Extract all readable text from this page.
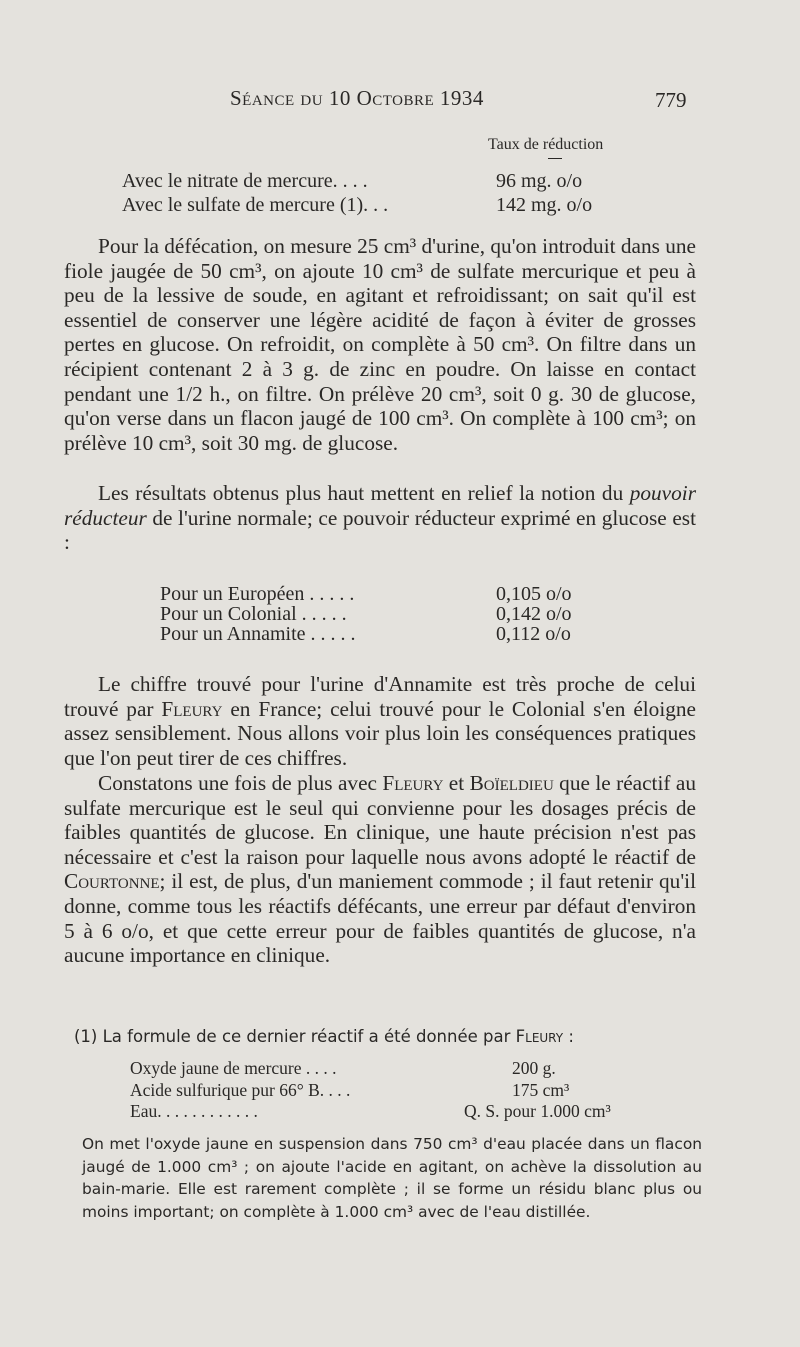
Séance du 10 Octobre 1934	779
Taux de réduction
Avec le nitrate de mercure. . . .	96 mg. o/o
Avec le sulfate de mercure (1). . .	142 mg. o/o

Pour la défécation, on mesure 25 cm³ d'urine, qu'on introduit dans une fiole jaugée de 50 cm³, on ajoute 10 cm³ de sulfate mercurique et peu à peu de la lessive de soude, en agitant et refroidissant; on sait qu'il est essentiel de conserver une légère acidité de façon à éviter de grosses pertes en glucose. On refroidit, on complète à 50 cm³. On filtre dans un récipient contenant 2 à 3 g. de zinc en poudre. On laisse en contact pendant une 1/2 h., on filtre. On prélève 20 cm³, soit 0 g. 30 de glucose, qu'on verse dans un flacon jaugé de 100 cm³. On complète à 100 cm³; on prélève 10 cm³, soit 30 mg. de glucose.

Les résultats obtenus plus haut mettent en relief la notion du pouvoir réducteur de l'urine normale; ce pouvoir réducteur exprimé en glucose est :

Pour un Européen . . . . .	0,105 o/o
Pour un Colonial . . . . .	0,142 o/o
Pour un Annamite . . . . .	0,112 o/o

Le chiffre trouvé pour l'urine d'Annamite est très proche de celui trouvé par Fleury en France; celui trouvé pour le Colonial s'en éloigne assez sensiblement. Nous allons voir plus loin les conséquences pratiques que l'on peut tirer de ces chiffres.

Constatons une fois de plus avec Fleury et Boïeldieu que le réactif au sulfate mercurique est le seul qui convienne pour les dosages précis de faibles quantités de glucose. En clinique, une haute précision n'est pas nécessaire et c'est la raison pour laquelle nous avons adopté le réactif de Courtonne; il est, de plus, d'un maniement commode ; il faut retenir qu'il donne, comme tous les réactifs défécants, une erreur par défaut d'environ 5 à 6 o/o, et que cette erreur pour de faibles quantités de glucose, n'a aucune importance en clinique.

(1) La formule de ce dernier réactif a été donnée par Fleury :
Oxyde jaune de mercure . . . .	200 g.
Acide sulfurique pur 66° B. . . .	175 cm³
Eau. . . . . . . . . . . .	Q. S. pour 1.000 cm³

On met l'oxyde jaune en suspension dans 750 cm³ d'eau placée dans un flacon jaugé de 1.000 cm³ ; on ajoute l'acide en agitant, on achève la dissolution au bain-marie. Elle est rarement complète ; il se forme un résidu blanc plus ou moins important; on complète à 1.000 cm³ avec de l'eau distillée.
